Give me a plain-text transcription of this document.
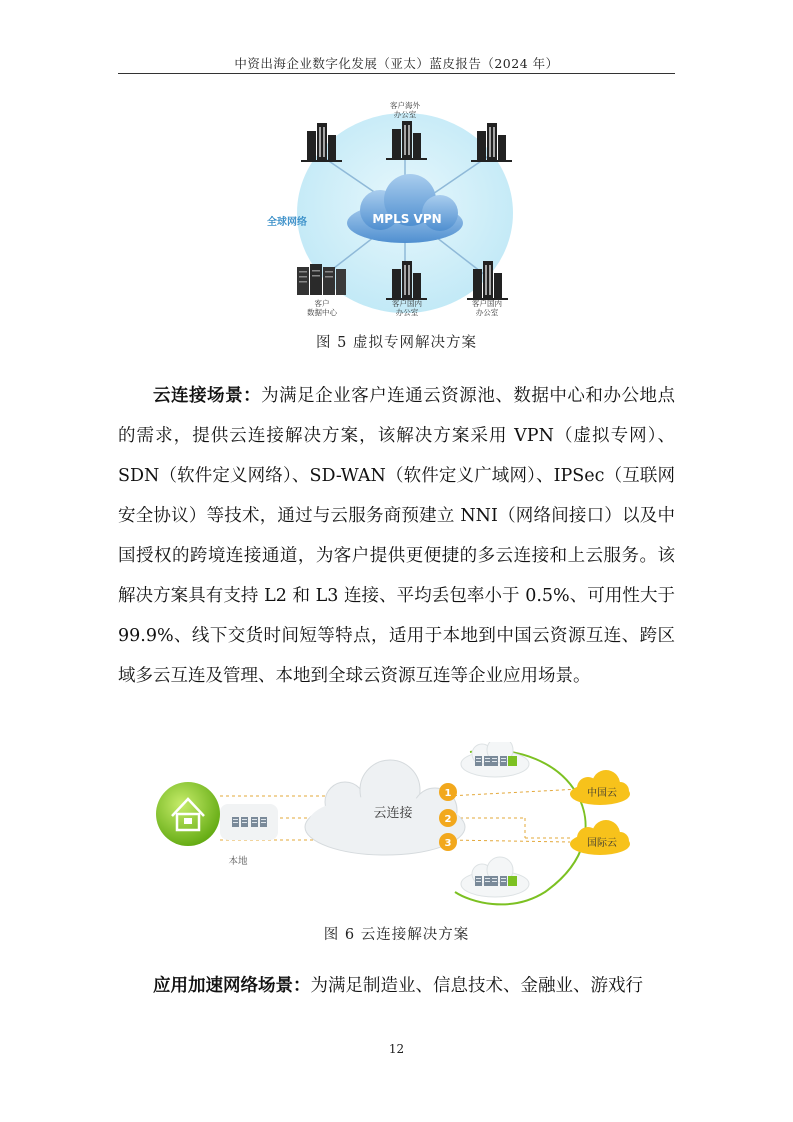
中资出海企业数字化发展（亚太）蓝皮报告（2024 年）
MPLS VPN
全球网络
客户海外
办公室
客户
数据中心
客户国内
办公室
客户国内
办公室
图 5 虚拟专网解决方案
云连接场景：为满足企业客户连通云资源池、数据中心和办公地点的需求，提供云连接解决方案，该解决方案采用 VPN（虚拟专网）、SDN（软件定义网络）、SD-WAN（软件定义广域网）、IPSec（互联网安全协议）等技术，通过与云服务商预建立 NNI（网络间接口）以及中国授权的跨境连接通道，为客户提供更便捷的多云连接和上云服务。该解决方案具有支持 L2 和 L3 连接、平均丢包率小于 0.5%、可用性大于 99.9%、线下交货时间短等特点，适用于本地到中国云资源互连、跨区域多云互连及管理、本地到全球云资源互连等企业应用场景。
本地
云连接
1
2
3
中国云
国际云
图 6 云连接解决方案
应用加速网络场景：为满足制造业、信息技术、金融业、游戏行
12
